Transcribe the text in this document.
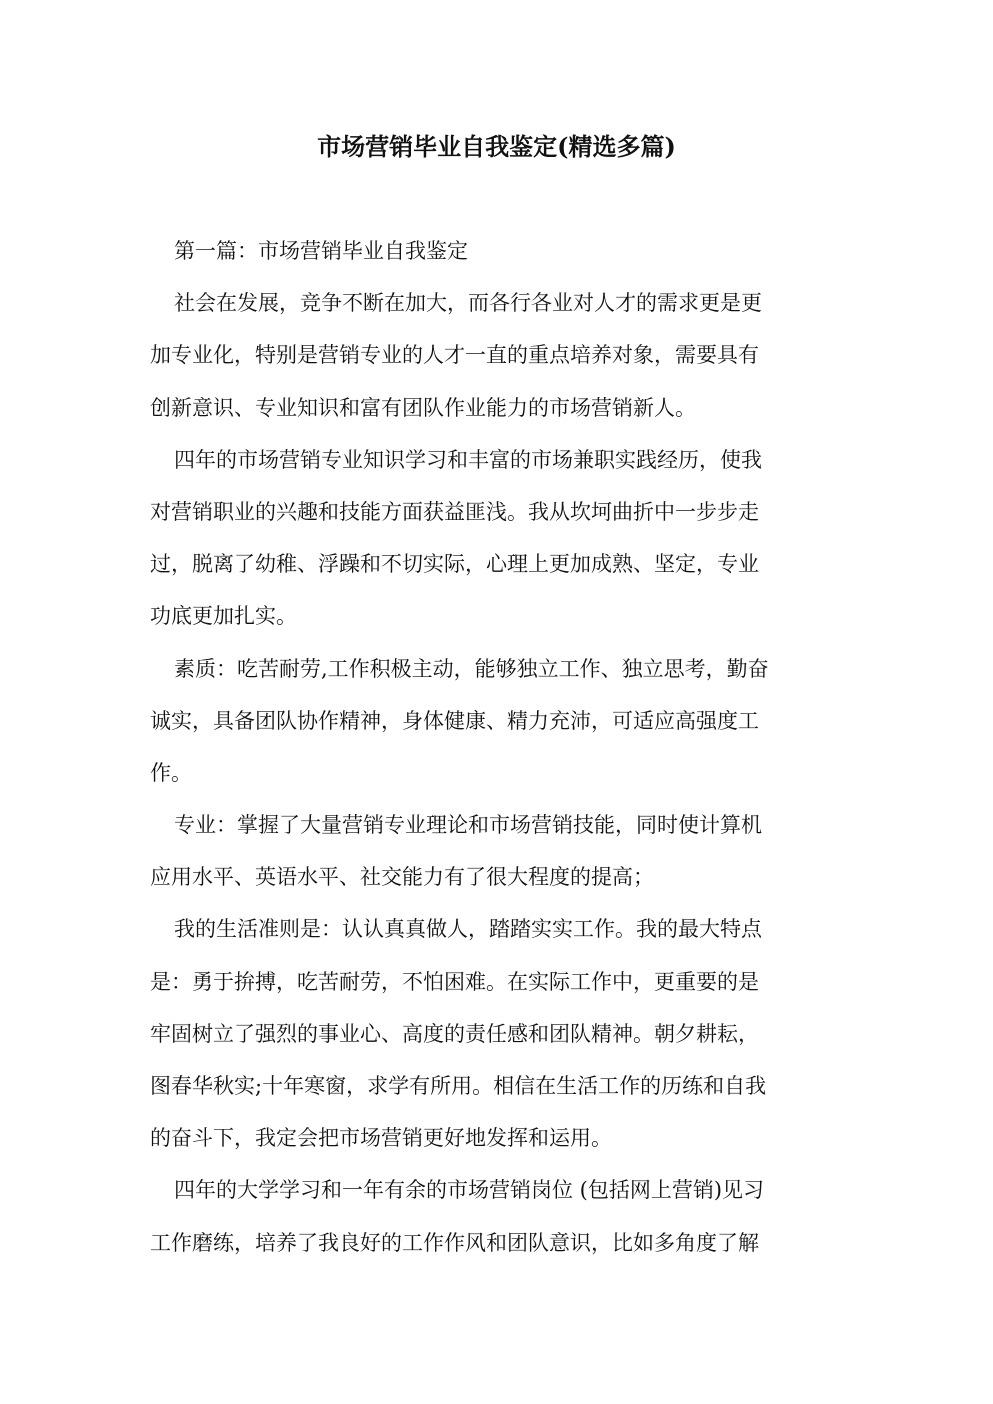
市场营销毕业自我鉴定(精选多篇)
第一篇：市场营销毕业自我鉴定
社会在发展，竞争不断在加大，而各行各业对人才的需求更是更
加专业化，特别是营销专业的人才一直的重点培养对象，需要具有
创新意识、专业知识和富有团队作业能力的市场营销新人。
四年的市场营销专业知识学习和丰富的市场兼职实践经历，使我
对营销职业的兴趣和技能方面获益匪浅。我从坎坷曲折中一步步走
过，脱离了幼稚、浮躁和不切实际，心理上更加成熟、坚定，专业
功底更加扎实。
素质：吃苦耐劳,工作积极主动，能够独立工作、独立思考，勤奋
诚实，具备团队协作精神，身体健康、精力充沛，可适应高强度工
作。
专业：掌握了大量营销专业理论和市场营销技能，同时使计算机
应用水平、英语水平、社交能力有了很大程度的提高；
我的生活准则是：认认真真做人，踏踏实实工作。我的最大特点
是：勇于拚搏，吃苦耐劳，不怕困难。在实际工作中，更重要的是
牢固树立了强烈的事业心、高度的责任感和团队精神。朝夕耕耘，
图春华秋实;十年寒窗，求学有所用。相信在生活工作的历练和自我
的奋斗下，我定会把市场营销更好地发挥和运用。
四年的大学学习和一年有余的市场营销岗位 (包括网上营销)见习
工作磨练，培养了我良好的工作作风和团队意识，比如多角度了解
